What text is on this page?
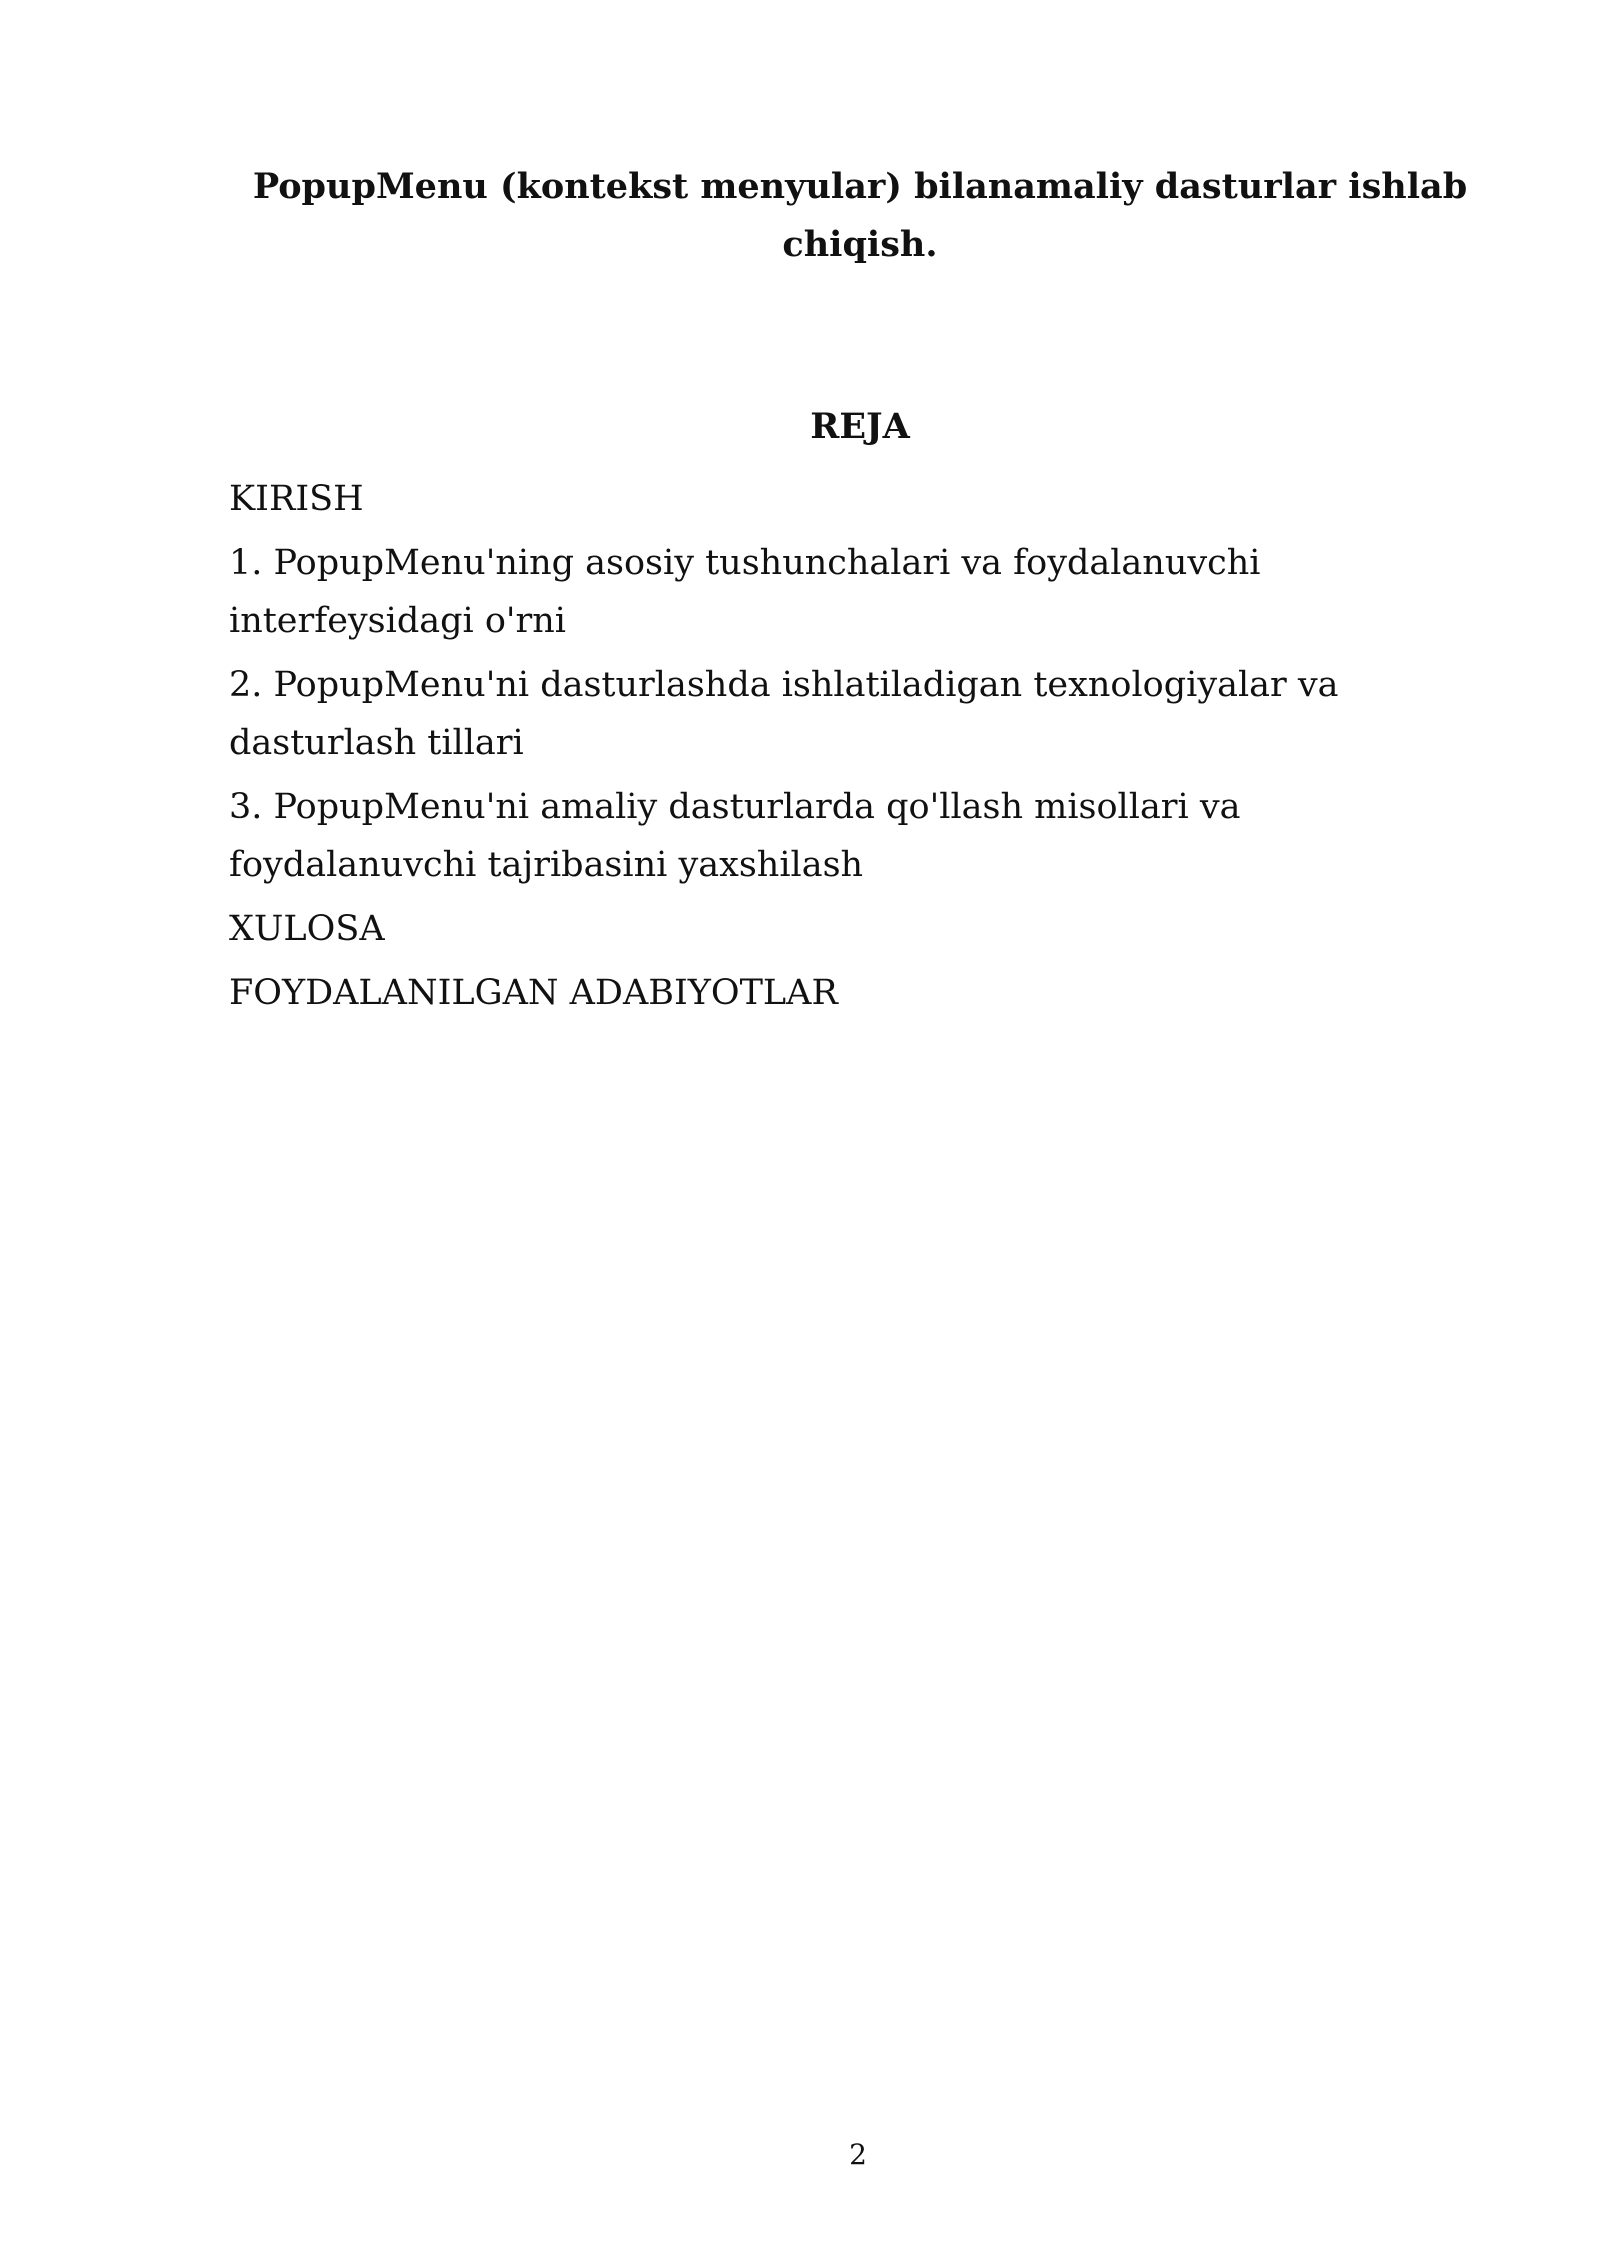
PopupMenu (kontekst menyular) bilanamaliy dasturlar ishlab chiqish.
REJA
KIRISH
1. PopupMenu'ning asosiy tushunchalari va foydalanuvchi interfeysidagi o'rni
2. PopupMenu'ni dasturlashda ishlatiladigan texnologiyalar va dasturlash tillari
3. PopupMenu'ni amaliy dasturlarda qo'llash misollari va foydalanuvchi tajribasini yaxshilash
XULOSA
FOYDALANILGAN ADABIYOTLAR
2
